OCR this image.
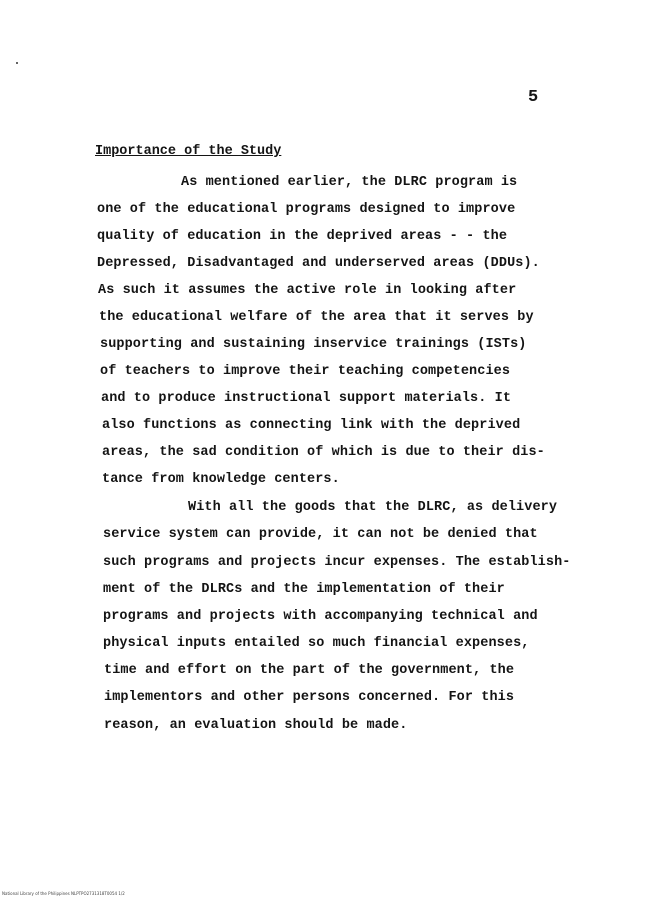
5
Importance of the Study
As mentioned earlier, the DLRC program is
one of the educational programs designed to improve
quality of education in the deprived areas - - the
Depressed, Disadvantaged and underserved areas (DDUs).
As such it assumes the active role in looking after
the educational welfare of the area that it serves by
supporting and sustaining inservice trainings (ISTs)
of teachers to improve their teaching competencies
and to produce instructional support materials. It
also functions as connecting link with the deprived
areas, the sad condition of which is due to their dis-
tance from knowledge centers.
With all the goods that the DLRC, as delivery
service system can provide, it can not be denied that
such programs and projects incur expenses. The establish-
ment of the DLRCs and the implementation of their
programs and projects with accompanying technical and
physical inputs entailed so much financial expenses,
time and effort on the part of the government, the
implementors and other persons concerned. For this
reason, an evaluation should be made.
National Library of the Philippines NLPTPO2731318T0054 1/2
